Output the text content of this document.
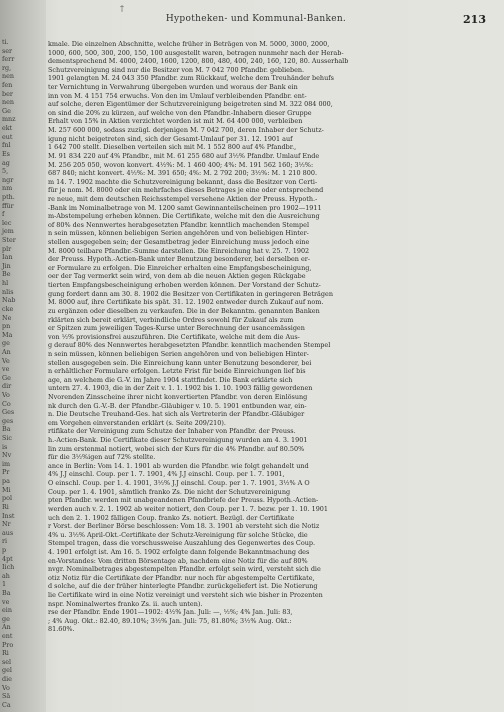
ti.
ser
ferr
rg,
nen
fen
ber
nen
Ge
mnz
ekt
eut
fnl
Es
ag
5,
ngr
nm
pth.
ffür
f
lec
jem
Ster
plr
Ian
Jin
Be
hl
nlis
Nab
cke
Ne
pn
Ma
ge
An
Ve
ve
Ge
dir
Vo
Co
Ges
ges
Ba
Sic
is
Nv
im
Pr
pa
Mi
pol
Ri
Inst
Nr
aus
ri
p
4pt
Iich
ah
1
Ba
ve
ein
ge
An
ent
Pro
Ri
sel
gel
die
Vo
Sä
Ca
†
Hypotheken- und Kommunal-Banken.	213
kmale. Die einzelnen Abschnitte, welche früher in Beträgen von M. 5000, 3000, 2000,
1000, 600, 500, 300, 200, 150, 100 ausgestellt waren, betragen nunmehr nach der Herab-
dementsprechend M. 4000, 2400, 1600, 1200, 800, 480, 400, 240, 160, 120, 80. Ausserhalb
Schutzvereinigung sind nur die Besitzer von M. 7 042 700 Pfandbr. geblieben.
1901 gelangten M. 24 043 350 Pfandbr. zum Rückkauf, welche dem Treuhänder behufs
ter Vernichtung in Verwahrung übergeben wurden und woraus der Bank ein
inn von M. 4 151 754 erwuchs. Von den im Umlauf verbleibenden Pfandbr. ent-
auf solche, deren Eigentümer der Schutzvereinigung beigetreten sind M. 322 084 000,
on sind die 20% zu kürzen, auf welche von den Pfandbr.-Inhabern dieser Gruppe
Erhalt von 15% in Aktien verzichtet worden ist mit M. 64 400 000, verbleiben
M. 257 600 000, sodass zuzügl. derjenigen M. 7 042 700, deren Inhaber der Schutz-
igung nicht beigetreten sind, sich der Gesamt-Umlauf per 31. 12. 1901 auf
1 642 700 stellt. Dieselben verteilen sich mit M. 1 552 800 auf 4% Pfandbr.,
M. 91 834 220 auf 4% Pfandbr., mit M. 61 255 680 auf 3½% Pfandbr. Umlauf Ende
M. 256 205 050, wovon konvert. 4½%: M. 1 460 400; 4%: M. 191 562 160; 3½%:
687 840; nicht konvert. 4½%: M. 391 650; 4%: M. 2 792 200; 3½%: M. 1 210 800.
m 14. 7. 1902 machte die Schutzvereinigung bekannt, dass die Besitzer von Certi-
für je nom. M. 8000 oder ein mehrfaches dieses Betrages je eine oder entsprechend
re neue, mit dem deutschen Reichsstempel versehene Aktien der Preuss. Hypoth.-
-Bank im Nominalbetrage von M. 1200 samt Gewinnanteilscheinen pro 1902—1911
m-Abstempelung erheben können. Die Certifikate, welche mit den die Ausreichung
of 80% des Nennwertes herabgesetzten Pfandbr. kenntlich machenden Stempel
n sein müssen, können beliebigen Serien angehören und von beliebigen Hinter-
stellen ausgegeben sein; der Gesamtbetrag jeder Einreichung muss jedoch eine
M. 8000 teilbare Pfandbr.-Summe darstellen. Die Einreichung hat v. 25. 7. 1902
der Preuss. Hypoth.-Actien-Bank unter Benutzung besonderer, bei derselben er-
er Formulare zu erfolgen. Die Einreicher erhalten eine Empfangsbescheinigung,
oer der Tag vermerkt sein wird, von dem ab die neuen Aktien gegen Rückgabe
tierten Empfangsbescheinigung erhoben werden können. Der Vorstand der Schutz-
gung fordert dann am 30. 8. 1902 die Besitzer von Certifikaten in geringeren Beträgen
M. 8000 auf, ihre Certifikate bis spät. 31. 12. 1902 entweder durch Zukauf auf nom.
zu ergänzen oder dieselben zu verkaufen. Die in der Bekanntm. genannten Banken
rklärten sich bereit erklärt, verbindliche Ordres sowohl für Zukauf als zum
er Spitzen zum jeweiligen Tages-Kurse unter Berechnung der usancemässigen
von ½% provisionsfrei auszuführen. Die Certifikate, welche mit dem die Aus-
g derauf 80% des Nennwertes herabgesetzten Pfandbr. kenntlich machenden Stempel
n sein müssen, können beliebigen Serien angehören und von beliebigen Hinter-
stellen ausgegeben sein. Die Einreichung kann unter Benutzung besonderer, bei
n erhältlicher Formulare erfolgen. Letzte Frist für beide Einreichungen lief bis
age, an welchem die G.-V. im Jahre 1904 stattfindet. Die Bank erklärte sich
untern 27. 4. 1903, die in der Zeit v. 1. 1. 1902 bis 1. 10. 1903 fällig gewordenen
Nvorenden Zinsscheine ihrer nicht konvertierten Pfandbr. von deren Einlösung
nk durch den G.-V.-B. der Pfandbr.-Gläubiger v. 10. 5. 1901 entbunden war, ein-
n. Die Deutsche Treuhand-Ges. hat sich als Vertreterin der Pfandbr.-Gläubiger
em Vorgehen einverstanden erklärt (s. Seite 209/210).
rtifikate der Vereinigung zum Schutze der Inhaber von Pfandbr. der Preuss.
h.-Actien-Bank. Die Certifikate dieser Schutzvereinigung wurden am 4. 3. 1901
lin zum erstenmal notiert, wobei sich der Kurs für die 4% Pfandbr. auf 80.50%
für die 3½%igen auf 72% stellte.
ance in Berlin: Vom 14. 1. 1901 ab wurden die Pfandbr. wie folgt gehandelt und
4% J.J einschl. Coup. per 1. 7. 1901, 4% J.J einschl. Coup. per 1. 7. 1901,
O einschl. Coup. per 1. 4. 1901, 3½% J.J einschl. Coup. per 1. 7. 1901, 3½% A O
Coup. per 1. 4. 1901, sämtlich franko Zs. Die nicht der Schutzvereinigung
pten Pfandbr. werden mit unabgeandenen Pfandbriefe der Preuss. Hypoth.-Actien-
werden auch v. 2. 1. 1902 ab weiter notiert, den Coup. per 1. 7. bezw. per 1. 10. 1901
uch den 2. 1. 1902 fälligen Coup. franko Zs. notiert. Bezügl. der Certifikate
r Vorst. der Berliner Börse beschlossen: Vom 18. 3. 1901 ab versteht sich die Notiz
4% u. 3½% April-Okt.-Certifikate der Schutz-Vereinigung für solche Stücke, die
Stempel tragen, dass die vorschussweise Auszahlung des Gegenwertes des Coup.
4. 1901 erfolgt ist. Am 16. 5. 1902 erfolgte dann folgende Bekanntmachung des
en-Vorstandes: Vom dritten Börsentage ab, nachdem eine Notiz für die auf 80%
nvgr. Nominalbetrages abgestempelten Pfandbr. erfolgt sein wird, versteht sich die
otiz Notiz für die Certifikate der Pfandbr. nur noch für abgestempelte Certifikate,
d solche, auf die der früher hinterlegte Pfandbr. zurückgeliefert ist. Die Notierung
lie Certifikate wird in eine Notiz vereinigt und versteht sich wie bisher in Prozenten
nspr. Nominalwertes franko Zs. ii. auch unten).
rse der Pfandbr. Ende 1901—1902: 4½% Jan. Juli: —, ½%; 4% Jan. Juli: 83,
; 4% Aug. Okt.: 82.40, 89.10%; 3½% Jan. Juli: 75, 81.80%; 3½% Aug. Okt.:
81.60%.
